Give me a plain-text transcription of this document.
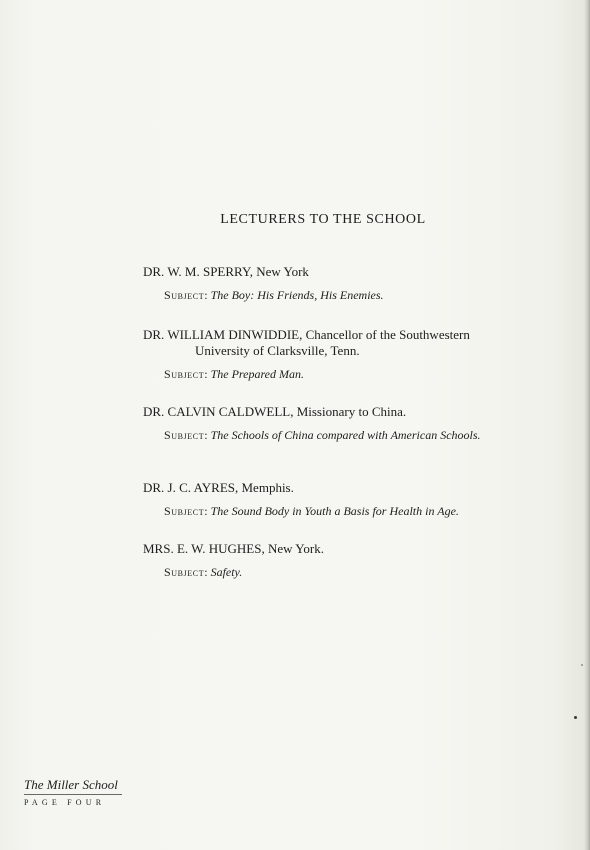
LECTURERS TO THE SCHOOL
DR. W. M. SPERRY, New York
Subject: The Boy: His Friends, His Enemies.
DR. WILLIAM DINWIDDIE, Chancellor of the Southwestern
University of Clarksville, Tenn.
Subject: The Prepared Man.
DR. CALVIN CALDWELL, Missionary to China.
Subject: The Schools of China compared with American Schools.
DR. J. C. AYRES, Memphis.
Subject: The Sound Body in Youth a Basis for Health in Age.
MRS. E. W. HUGHES, New York.
Subject: Safety.
The Miller School
PAGE FOUR
